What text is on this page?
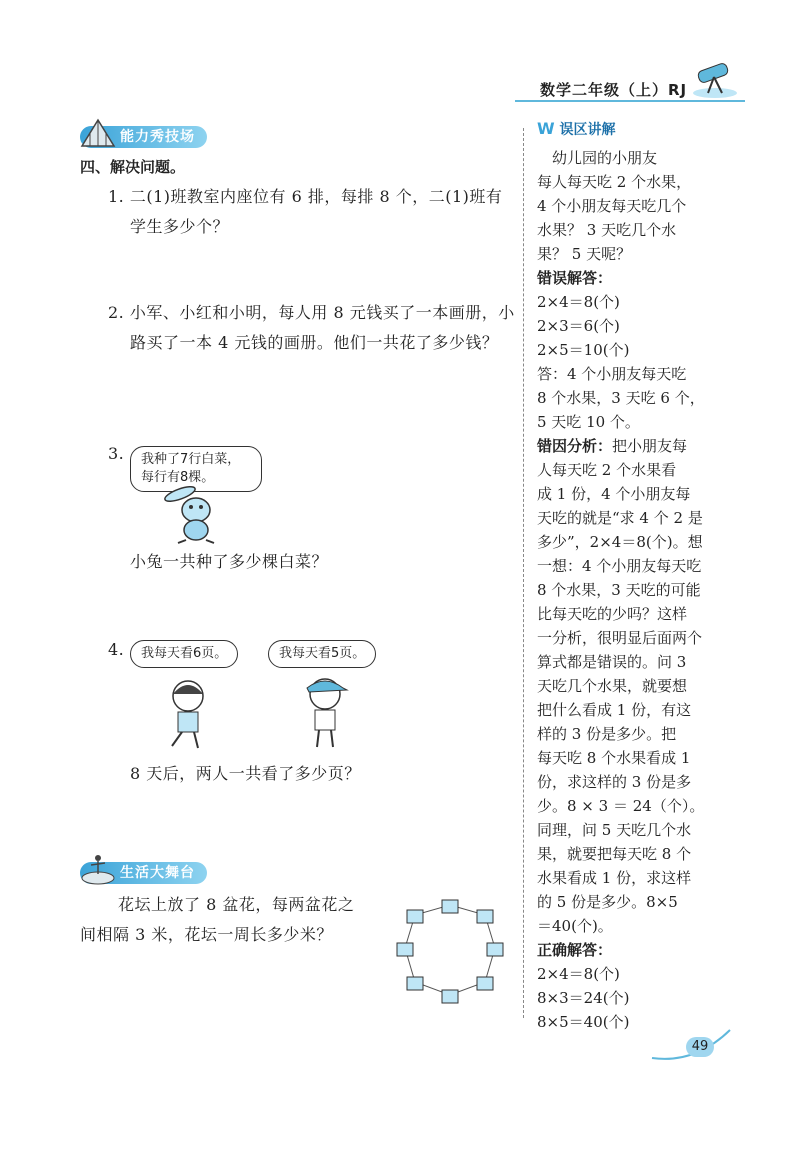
数学二年级（上）RJ
能力秀技场
四、解决问题。
1. 二(1)班教室内座位有 6 排，每排 8 个，二(1)班有
学生多少个？
2. 小军、小红和小明，每人用 8 元钱买了一本画册，小
路买了一本 4 元钱的画册。他们一共花了多少钱？
3. 我种了7行白菜，
每行有8棵。
小兔一共种了多少棵白菜？
4.	我每天看6页。	我每天看5页。
8 天后，两人一共看了多少页？
生活大舞台
花坛上放了 8 盆花，每两盆花之
间相隔 3 米，花坛一周长多少米？
W 误区讲解
　幼儿园的小朋友
每人每天吃 2 个水果，
4 个小朋友每天吃几个
水果？ 3 天吃几个水
果？ 5 天呢？
错误解答：
2×4＝8(个)
2×3＝6(个)
2×5＝10(个)
答：4 个小朋友每天吃
8 个水果，3 天吃 6 个，
5 天吃 10 个。
错因分析：把小朋友每
人每天吃 2 个水果看
成 1 份，4 个小朋友每
天吃的就是“求 4 个 2 是
多少”，2×4＝8(个)。想
一想：4 个小朋友每天吃
8 个水果，3 天吃的可能
比每天吃的少吗？这样
一分析，很明显后面两个
算式都是错误的。问 3
天吃几个水果，就要想
把什么看成 1 份，有这
样的 3 份是多少。把
每天吃 8 个水果看成 1
份，求这样的 3 份是多
少。8 × 3 ＝ 24（个）。
同理，问 5 天吃几个水
果，就要把每天吃 8 个
水果看成 1 份，求这样
的 5 份是多少。8×5
＝40(个)。
正确解答：
2×4＝8(个)
8×3＝24(个)
8×5＝40(个)
49
